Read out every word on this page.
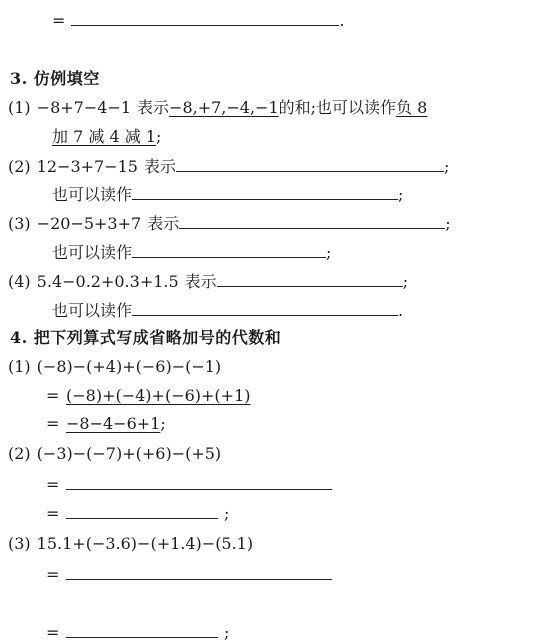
=	.
3. 仿例填空
(1) −8+7−4−1 表示−8,+7,−4,−1的和;也可以读作负 8
加 7 减 4 减 1;
(2) 12−3+7−15 表示	;
也可以读作	;
(3) −20−5+3+7 表示	;
也可以读作	;
(4) 5.4−0.2+0.3+1.5 表示	;
也可以读作	.
4. 把下列算式写成省略加号的代数和
(1) (−8)−(+4)+(−6)−(−1)
= (−8)+(−4)+(−6)+(+1)
= −8−4−6+1;
(2) (−3)−(−7)+(+6)−(+5)
=
=	;
(3) 15.1+(−3.6)−(+1.4)−(5.1)
=
=	;
